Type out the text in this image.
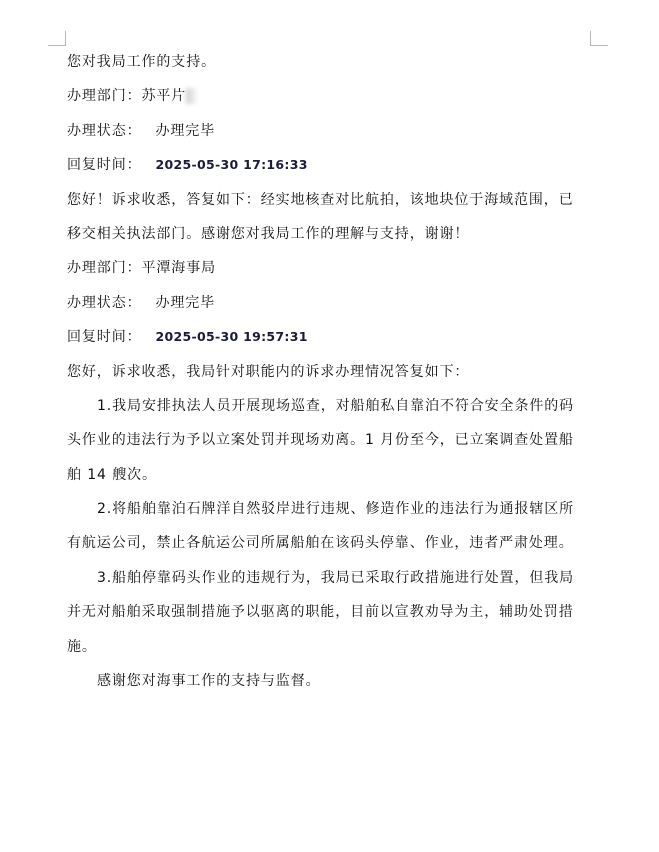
您对我局工作的支持。
办理部门：苏平片
办理状态： 办理完毕
回复时间： 2025-05-30 17:16:33
您好！诉求收悉，答复如下：经实地核查对比航拍，该地块位于海域范围，已
移交相关执法部门。感谢您对我局工作的理解与支持，谢谢！
办理部门：平潭海事局
办理状态： 办理完毕
回复时间： 2025-05-30 19:57:31
您好，诉求收悉，我局针对职能内的诉求办理情况答复如下：
1.我局安排执法人员开展现场巡查，对船舶私自靠泊不符合安全条件的码
头作业的违法行为予以立案处罚并现场劝离。1 月份至今，已立案调查处置船
舶 14 艘次。
2.将船舶靠泊石牌洋自然驳岸进行违规、修造作业的违法行为通报辖区所
有航运公司，禁止各航运公司所属船舶在该码头停靠、作业，违者严肃处理。
3.船舶停靠码头作业的违规行为，我局已采取行政措施进行处置，但我局
并无对船舶采取强制措施予以驱离的职能，目前以宣教劝导为主，辅助处罚措
施。
感谢您对海事工作的支持与监督。
